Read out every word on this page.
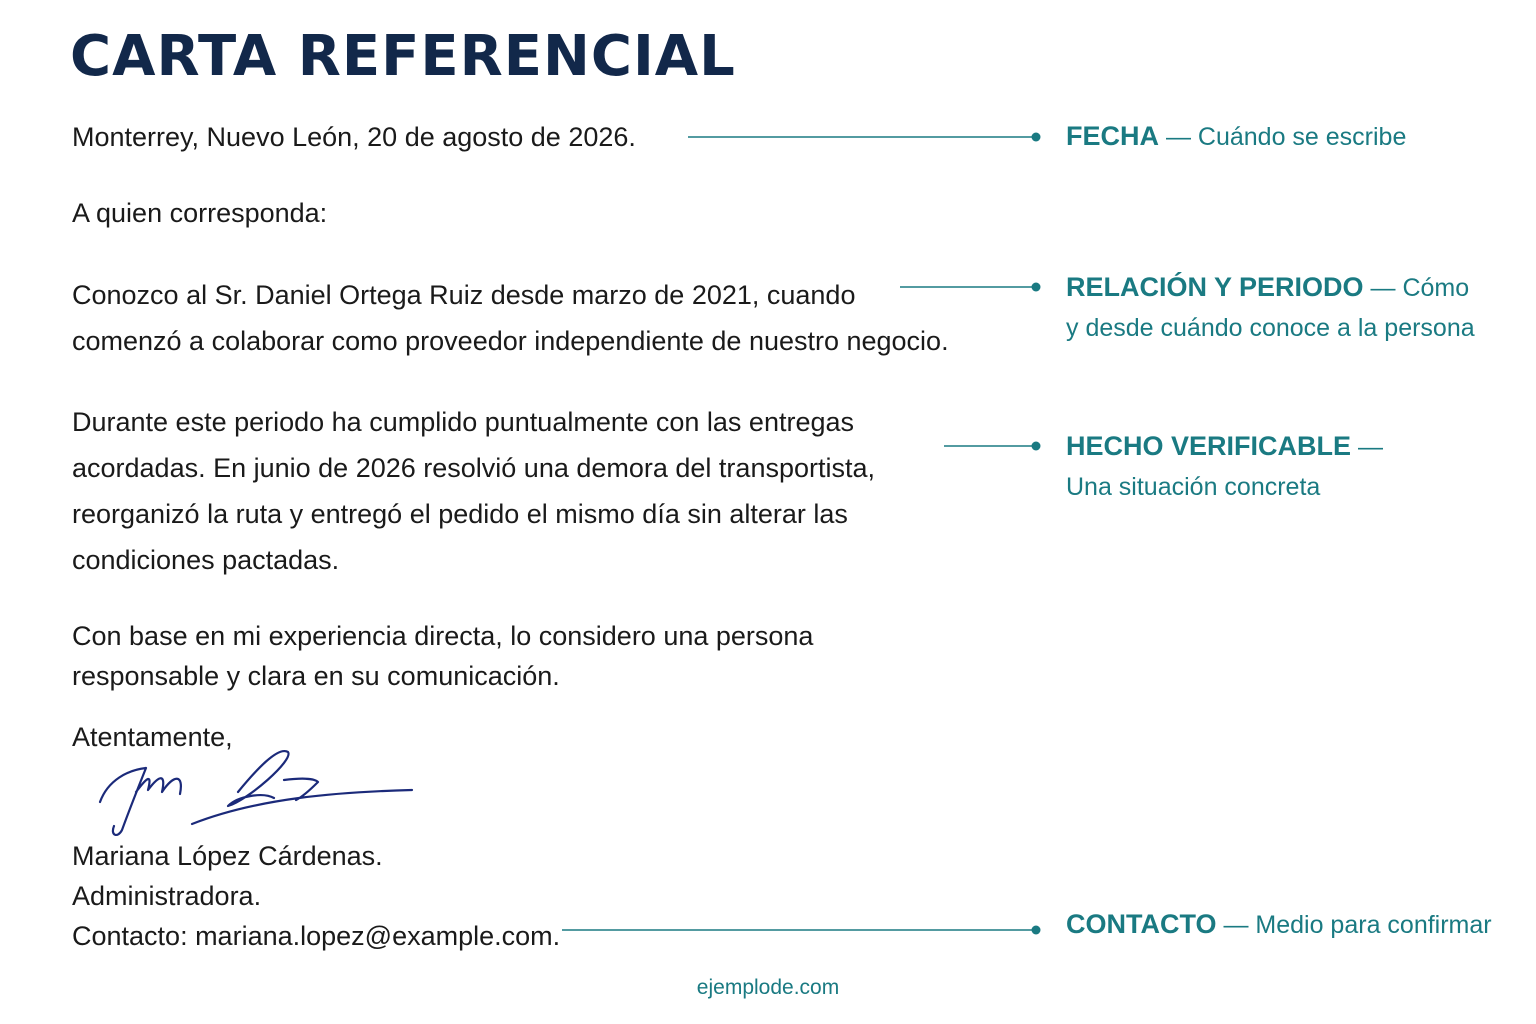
CARTA REFERENCIAL

Monterrey, Nuevo León, 20 de agosto de 2026.

A quien corresponda:

Conozco al Sr. Daniel Ortega Ruiz desde marzo de 2021, cuando
comenzó a colaborar como proveedor independiente de nuestro negocio.
Durante este periodo ha cumplido puntualmente con las entregas
acordadas. En junio de 2026 resolvió una demora del transportista,
reorganizó la ruta y entregó el pedido el mismo día sin alterar las
condiciones pactadas.
Con base en mi experiencia directa, lo considero una persona
responsable y clara en su comunicación.

Atentamente,

Mariana López Cárdenas.
Administradora.
Contacto: mariana.lopez@example.com.
FECHA — Cuándo se escribe
RELACIÓN Y PERIODO — Cómo y desde cuándo conoce a la persona
HECHO VERIFICABLE — Una situación concreta
CONTACTO — Medio para confirmar
ejemplode.com
